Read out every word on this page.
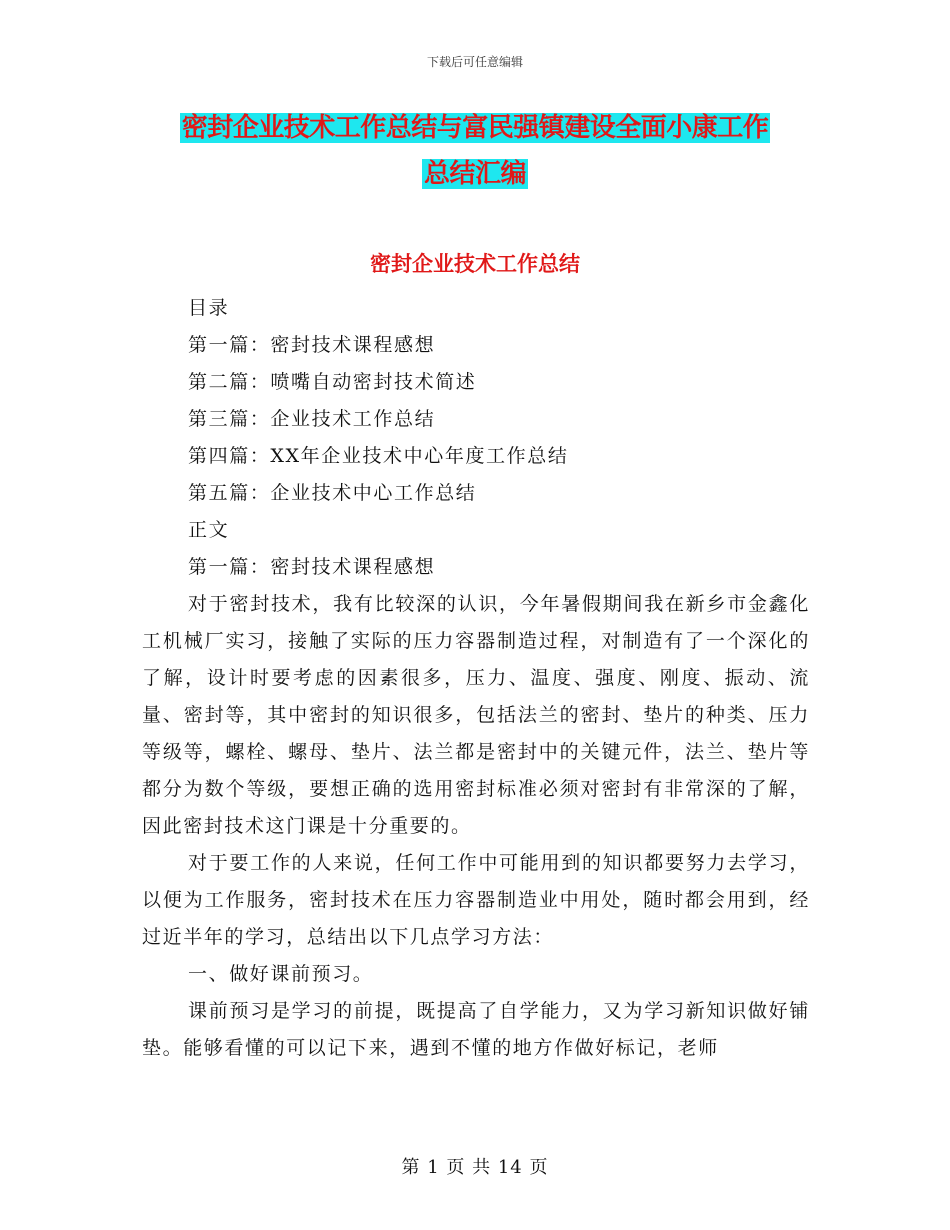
下载后可任意编辑
密封企业技术工作总结与富民强镇建设全面小康工作
总结汇编
密封企业技术工作总结
目录
第一篇：密封技术课程感想
第二篇：喷嘴自动密封技术简述
第三篇：企业技术工作总结
第四篇：XX年企业技术中心年度工作总结
第五篇：企业技术中心工作总结
正文
第一篇：密封技术课程感想

对于密封技术，我有比较深的认识，今年暑假期间我在新乡市金鑫化工机械厂实习，接触了实际的压力容器制造过程，对制造有了一个深化的了解，设计时要考虑的因素很多，压力、温度、强度、刚度、振动、流量、密封等，其中密封的知识很多，包括法兰的密封、垫片的种类、压力等级等，螺栓、螺母、垫片、法兰都是密封中的关键元件，法兰、垫片等都分为数个等级，要想正确的选用密封标准必须对密封有非常深的了解，因此密封技术这门课是十分重要的。

对于要工作的人来说，任何工作中可能用到的知识都要努力去学习，以便为工作服务，密封技术在压力容器制造业中用处，随时都会用到，经过近半年的学习，总结出以下几点学习方法：

一、做好课前预习。

课前预习是学习的前提，既提高了自学能力，又为学习新知识做好铺垫。能够看懂的可以记下来，遇到不懂的地方作做好标记，老师

第 1 页 共 14 页
